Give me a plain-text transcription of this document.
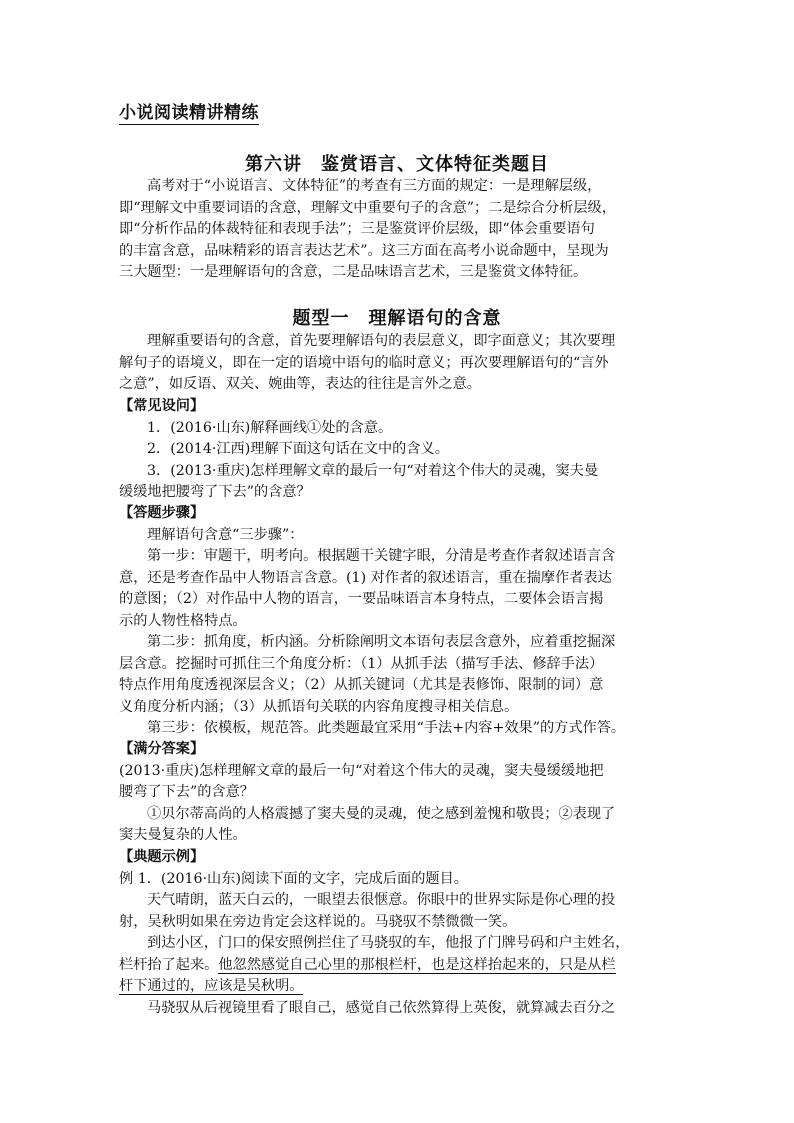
小说阅读精讲精练
第六讲　鉴赏语言、文体特征类题目
高考对于“小说语言、文体特征”的考查有三方面的规定：一是理解层级，
即“理解文中重要词语的含意，理解文中重要句子的含意”；二是综合分析层级，
即“分析作品的体裁特征和表现手法”；三是鉴赏评价层级，即“体会重要语句
的丰富含意，品味精彩的语言表达艺术”。这三方面在高考小说命题中，呈现为
三大题型：一是理解语句的含意，二是品味语言艺术，三是鉴赏文体特征。
题型一　理解语句的含意
理解重要语句的含意，首先要理解语句的表层意义，即字面意义；其次要理
解句子的语境义，即在一定的语境中语句的临时意义；再次要理解语句的“言外
之意”，如反语、双关、婉曲等，表达的往往是言外之意。
【常见设问】
1．(2016·山东)解释画线①处的含意。
2．(2014·江西)理解下面这句话在文中的含义。
3．(2013·重庆)怎样理解文章的最后一句“对着这个伟大的灵魂，窦夫曼
缓缓地把腰弯了下去”的含意？
【答题步骤】
理解语句含意“三步骤”：
第一步：审题干，明考向。根据题干关键字眼，分清是考查作者叙述语言含
意，还是考查作品中人物语言含意。(1) 对作者的叙述语言，重在揣摩作者表达
的意图；（2）对作品中人物的语言，一要品味语言本身特点，二要体会语言揭
示的人物性格特点。
第二步：抓角度，析内涵。分析除阐明文本语句表层含意外，应着重挖掘深
层含意。挖掘时可抓住三个角度分析：（1）从抓手法（描写手法、修辞手法）
特点作用角度透视深层含义；（2）从抓关键词（尤其是表修饰、限制的词）意
义角度分析内涵；（3）从抓语句关联的内容角度搜寻相关信息。
第三步：依模板，规范答。此类题最宜采用“手法+内容+效果”的方式作答。
【满分答案】
(2013·重庆)怎样理解文章的最后一句“对着这个伟大的灵魂，窦夫曼缓缓地把
腰弯了下去”的含意？
①贝尔蒂高尚的人格震撼了窦夫曼的灵魂，使之感到羞愧和敬畏；②表现了
窦夫曼复杂的人性。
【典题示例】
例 1．(2016·山东)阅读下面的文字，完成后面的题目。
天气晴朗，蓝天白云的，一眼望去很惬意。你眼中的世界实际是你心理的投
射，吴秋明如果在旁边肯定会这样说的。马骁驭不禁微微一笑。
到达小区，门口的保安照例拦住了马骁驭的车，他报了门牌号码和户主姓名，
栏杆抬了起来。他忽然感觉自己心里的那根栏杆，也是这样抬起来的，只是从栏
杆下通过的，应该是吴秋明。
马骁驭从后视镜里看了眼自己，感觉自己依然算得上英俊，就算减去百分之
